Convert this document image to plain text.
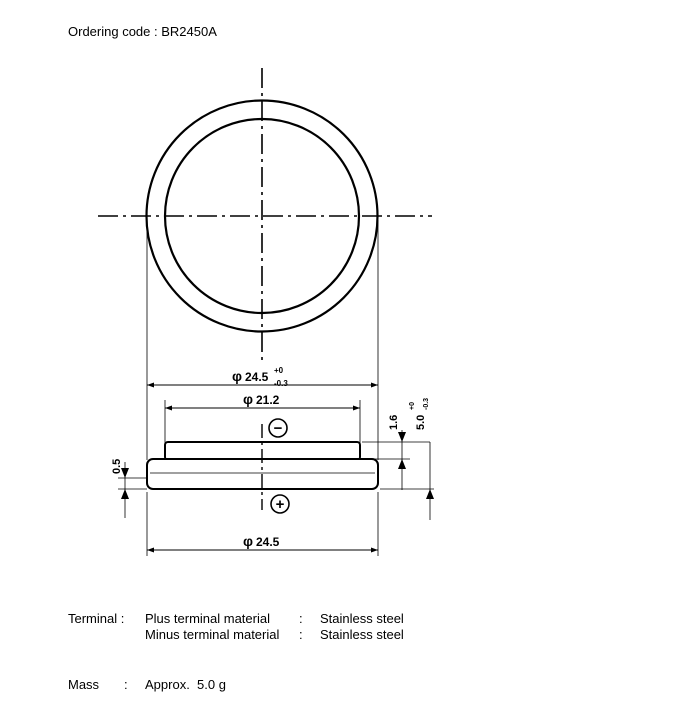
Ordering code : BR2450A
φ 24.5 +0
-0.3
φ 21.2
−
+
1.6 5.0
+0 -0.3
0.5
φ 24.5
Terminal : Plus terminal material : Stainless steel
Minus terminal material : Stainless steel
Mass : Approx.  5.0 g
